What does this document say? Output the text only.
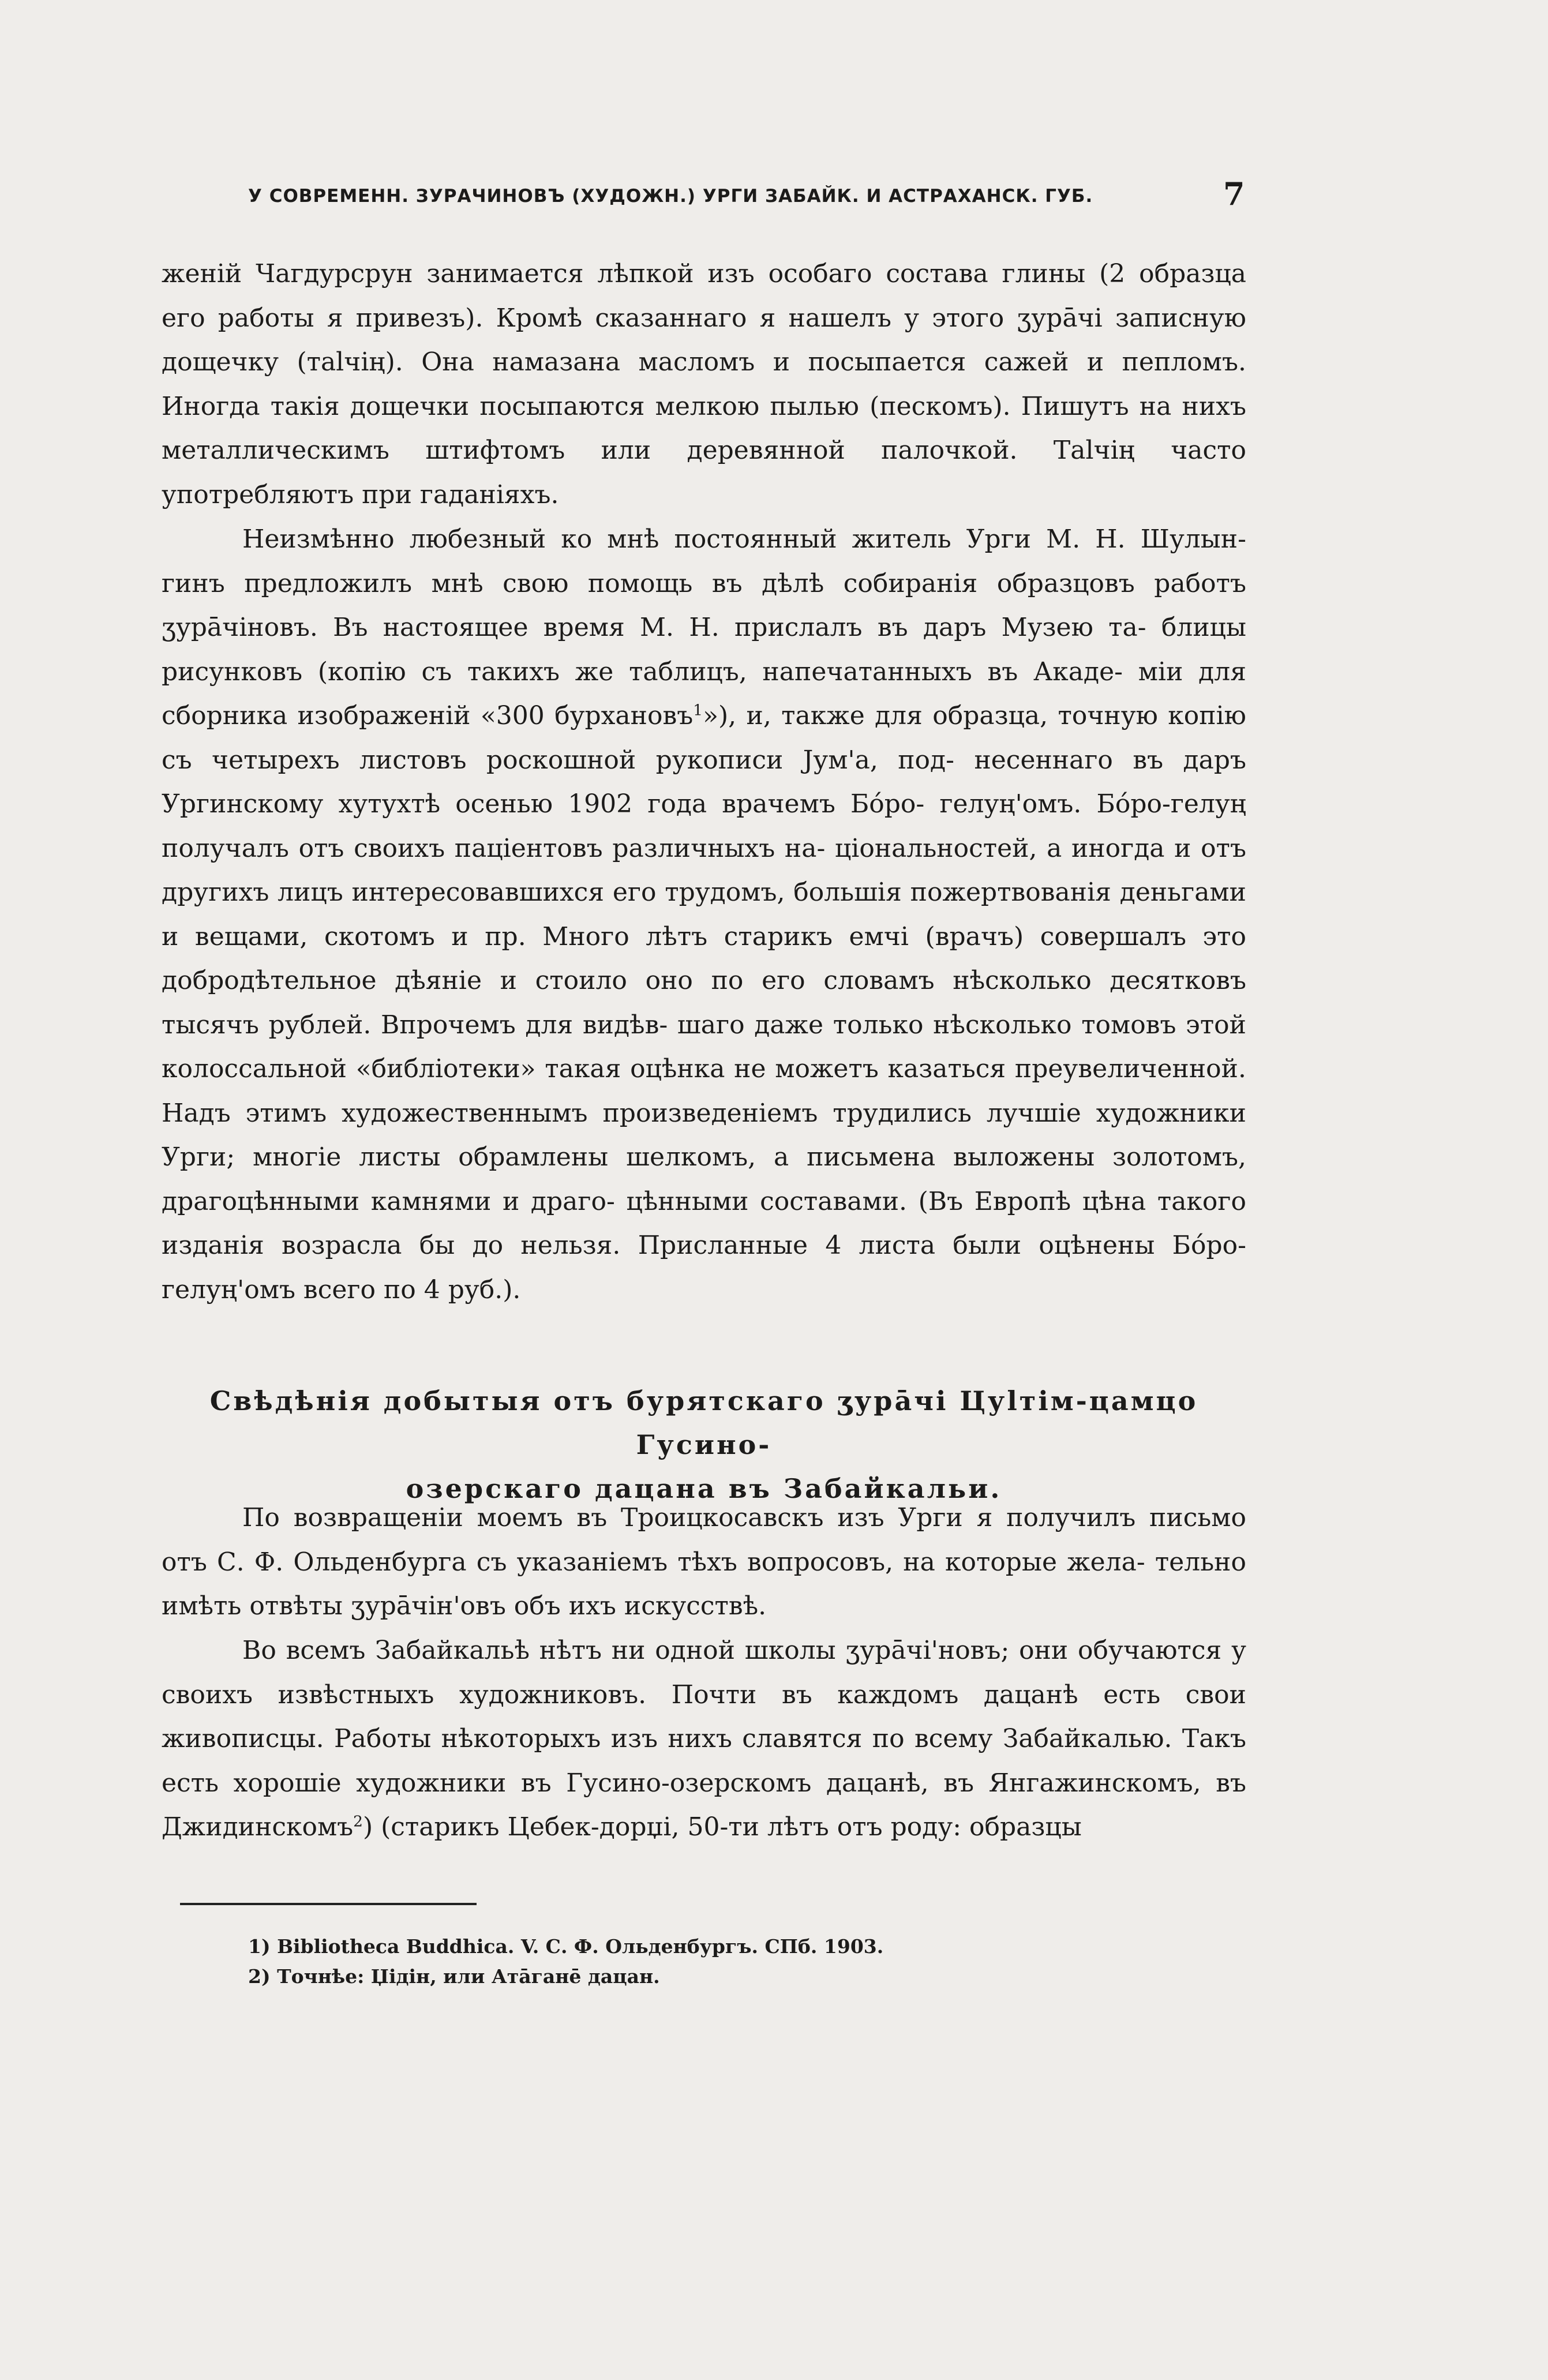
У СОВРЕМЕНН. ЗУРАЧИНОВЪ (ХУДОЖН.) УРГИ ЗАБАЙК. И АСТРАХАНСК. ГУБ.	7

женій Чагдурсрун занимается лѣпкой изъ особаго состава глины (2 образца его работы я привезъ). Кромѣ сказаннаго я нашелъ у этого ӡурāчі записную дощечку (таlчің). Она намазана масломъ и посыпается сажей и пепломъ. Иногда такія дощечки посыпаются мелкою пылью (пескомъ). Пишутъ на нихъ металлическимъ штифтомъ или деревянной палочкой. Таlчің часто употребляютъ при гаданіяхъ.

Неизмѣнно любезный ко мнѣ постоянный житель Урги М. Н. Шулын- гинъ предложилъ мнѣ свою помощь въ дѣлѣ собиранія образцовъ работъ ӡурāчіновъ. Въ настоящее время М. Н. прислалъ въ даръ Музею та- блицы рисунковъ (копію съ такихъ же таблицъ, напечатанныхъ въ Акаде- міи для сборника изображеній «300 бурхановъ$^1$»), и, также для образца, точную копію съ четырехъ листовъ роскошной рукописи Jум'а, под- несеннаго въ даръ Ургинскому хутухтѣ осенью 1902 года врачемъ Бóро- гелуң'омъ. Бóро-гелуң получалъ отъ своихъ паціентовъ различныхъ на- ціональностей, а иногда и отъ другихъ лицъ интересовавшихся его трудомъ, большія пожертвованія деньгами и вещами, скотомъ и пр. Много лѣтъ старикъ емчі (врачъ) совершалъ это добродѣтельное дѣяніе и стоило оно по его словамъ нѣсколько десятковъ тысячъ рублей. Впрочемъ для видѣв- шаго даже только нѣсколько томовъ этой колоссальной «библіотеки» такая оцѣнка не можетъ казаться преувеличенной. Надъ этимъ художественнымъ произведеніемъ трудились лучшіе художники Урги; многіе листы обрамлены шелкомъ, а письмена выложены золотомъ, драгоцѣнными камнями и драго- цѣнными составами. (Въ Европѣ цѣна такого изданія возрасла бы до нельзя. Присланные 4 листа были оцѣнены Бóро-гелуң'омъ всего по 4 руб.).

Свѣдѣнія добытыя отъ бурятскаго ӡурāчі Цуlтім-цамцо Гусино-
озерскаго дацана въ Забайкальи.

По возвращеніи моемъ въ Троицкосавскъ изъ Урги я получилъ письмо отъ С. Ф. Ольденбурга съ указаніемъ тѣхъ вопросовъ, на которые жела- тельно имѣть отвѣты ӡурāчін'овъ объ ихъ искусствѣ.

Во всемъ Забайкальѣ нѣтъ ни одной школы ӡурāчі'новъ; они обучаются у своихъ извѣстныхъ художниковъ. Почти въ каждомъ дацанѣ есть свои живописцы. Работы нѣкоторыхъ изъ нихъ славятся по всему Забайкалью. Такъ есть хорошіе художники въ Гусино-озерскомъ дацанѣ, въ Янгажинскомъ, въ Джидинскомъ$^2$) (старикъ Цебек-дорџі, 50-ти лѣтъ отъ роду: образцы

1) Bibliotheca Buddhica. V. С. Ф. Ольденбургъ. СПб. 1903.
2) Точнѣе: Џідін, или Атāганē дацан.
